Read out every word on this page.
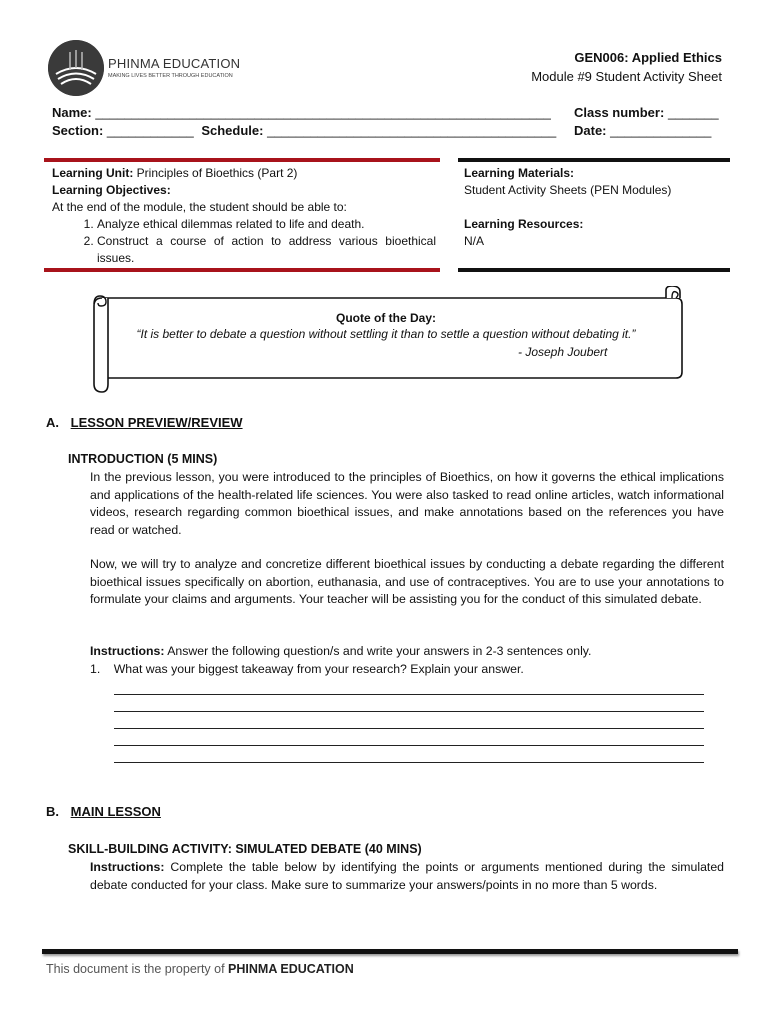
PHINMA EDUCATION
MAKING LIVES BETTER THROUGH EDUCATION
GEN006: Applied Ethics
Module #9 Student Activity Sheet
Name: _______________________________________________________________ Class number: _______
Section: ____________ Schedule: ________________________________________ Date: ______________
Learning Unit: Principles of Bioethics (Part 2)
Learning Objectives:
At the end of the module, the student should be able to:
1. Analyze ethical dilemmas related to life and death.
2. Construct a course of action to address various bioethical issues.
Learning Materials:
Student Activity Sheets (PEN Modules)
Learning Resources:
N/A
Quote of the Day:
“It is better to debate a question without settling it than to settle a question without debating it.”
- Joseph Joubert
A. LESSON PREVIEW/REVIEW
INTRODUCTION (5 MINS)
In the previous lesson, you were introduced to the principles of Bioethics, on how it governs the ethical implications and applications of the health-related life sciences. You were also tasked to read online articles, watch informational videos, research regarding common bioethical issues, and make annotations based on the references you have read or watched.
Now, we will try to analyze and concretize different bioethical issues by conducting a debate regarding the different bioethical issues specifically on abortion, euthanasia, and use of contraceptives. You are to use your annotations to formulate your claims and arguments. Your teacher will be assisting you for the conduct of this simulated debate.
Instructions: Answer the following question/s and write your answers in 2-3 sentences only.
1. What was your biggest takeaway from your research? Explain your answer.
B. MAIN LESSON
SKILL-BUILDING ACTIVITY: SIMULATED DEBATE (40 MINS)
Instructions: Complete the table below by identifying the points or arguments mentioned during the simulated debate conducted for your class. Make sure to summarize your answers/points in no more than 5 words.
This document is the property of PHINMA EDUCATION
